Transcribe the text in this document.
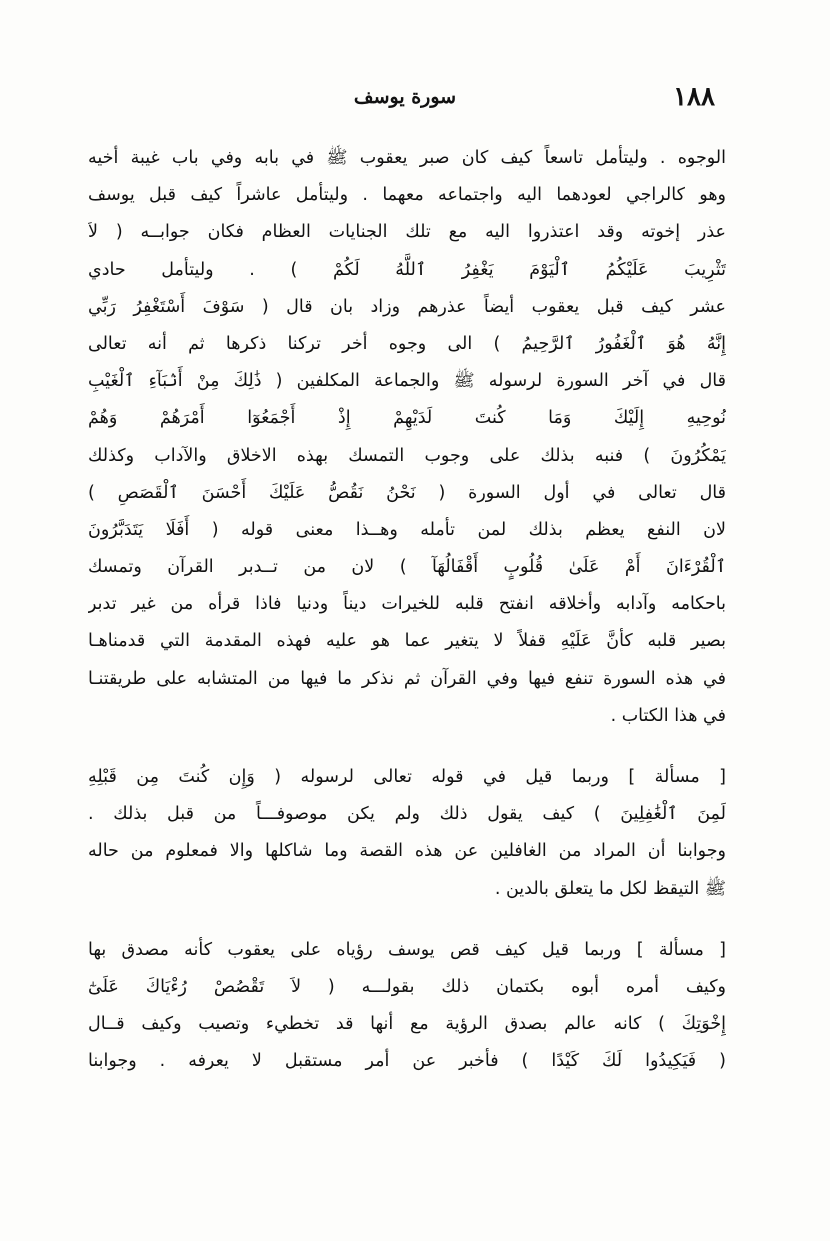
١٨٨
سورة يوسف
الوجوه . وليتأمل تاسعاً كيف كان صبر يعقوب ﷺ في بابه وفي باب غيبة أخيه
وهو كالراجي لعودهما اليه واجتماعه معهما . وليتأمل عاشراً كيف قبل يوسف
عذر إخوته وقد اعتذروا اليه مع تلك الجنايات العظام فكان جوابــه ( لاَ
تَثْرِيبَ عَلَيْكُمُ ٱلْيَوْمَ يَغْفِرُ ٱللَّهُ لَكُمْ ) . وليتأمل حادي
عشر كيف قبل يعقوب أيضاً عذرهم وزاد بان قال ( سَوْفَ أَسْتَغْفِرُ رَبِّي
إِنَّهُ هُوَ ٱلْغَفُورُ ٱلرَّحِيمُ ) الى وجوه أخر تركنا ذكرها ثم أنه تعالى
قال في آخر السورة لرسوله ﷺ والجماعة المكلفين ( ذَٰلِكَ مِنْ أَنۢبَآءِ ٱلْغَيْبِ
نُوحِيهِ إِلَيْكَ وَمَا كُنتَ لَدَيْهِمْ إِذْ أَجْمَعُوٓا أَمْرَهُمْ وَهُمْ
يَمْكُرُونَ ) فنبه بذلك على وجوب التمسك بهذه الاخلاق والآداب وكذلك
قال تعالى في أول السورة ( نَحْنُ نَقُصُّ عَلَيْكَ أَحْسَنَ ٱلْقَصَصِ )
لان النفع يعظم بذلك لمن تأمله وهــذا معنى قوله ( أَفَلَا يَتَدَبَّرُونَ
ٱلْقُرْءَانَ أَمْ عَلَىٰ قُلُوبٍ أَقْفَالُهَآ ) لان من تــدبر القرآن وتمسك
باحكامه وآدابه وأخلاقه انفتح قلبه للخيرات ديناً ودنيا فاذا قرأه من غير تدبر
بصير قلبه كأنَّ عَلَيْهِ قفلاً لا يتغير عما هو عليه فهذه المقدمة التي قدمناهـا
في هذه السورة تنفع فيها وفي القرآن ثم نذكر ما فيها من المتشابه على طريقتنـا
في هذا الكتاب .
[ مسألة ] وربما قيل في قوله تعالى لرسوله ( وَإِن كُنتَ مِن قَبْلِهِ
لَمِنَ ٱلْغَٰفِلِينَ ) كيف يقول ذلك ولم يكن موصوفـــاً من قبل بذلك .
وجوابنا أن المراد من الغافلين عن هذه القصة وما شاكلها والا فمعلوم من حاله
ﷺ التيقظ لكل ما يتعلق بالدين .
[ مسألة ] وربما قيل كيف قص يوسف رؤياه على يعقوب كأنه مصدق بها
وكيف أمره أبوه بكتمان ذلك بقولـــه ( لاَ تَقْصُصْ رُءْيَاكَ عَلَىٰٓ
إِخْوَتِكَ ) كانه عالم بصدق الرؤية مع أنها قد تخطيء وتصيب وكيف قــال
( فَيَكِيدُوا لَكَ كَيْدًا ) فأخبر عن أمر مستقبل لا يعرفه . وجوابنا
